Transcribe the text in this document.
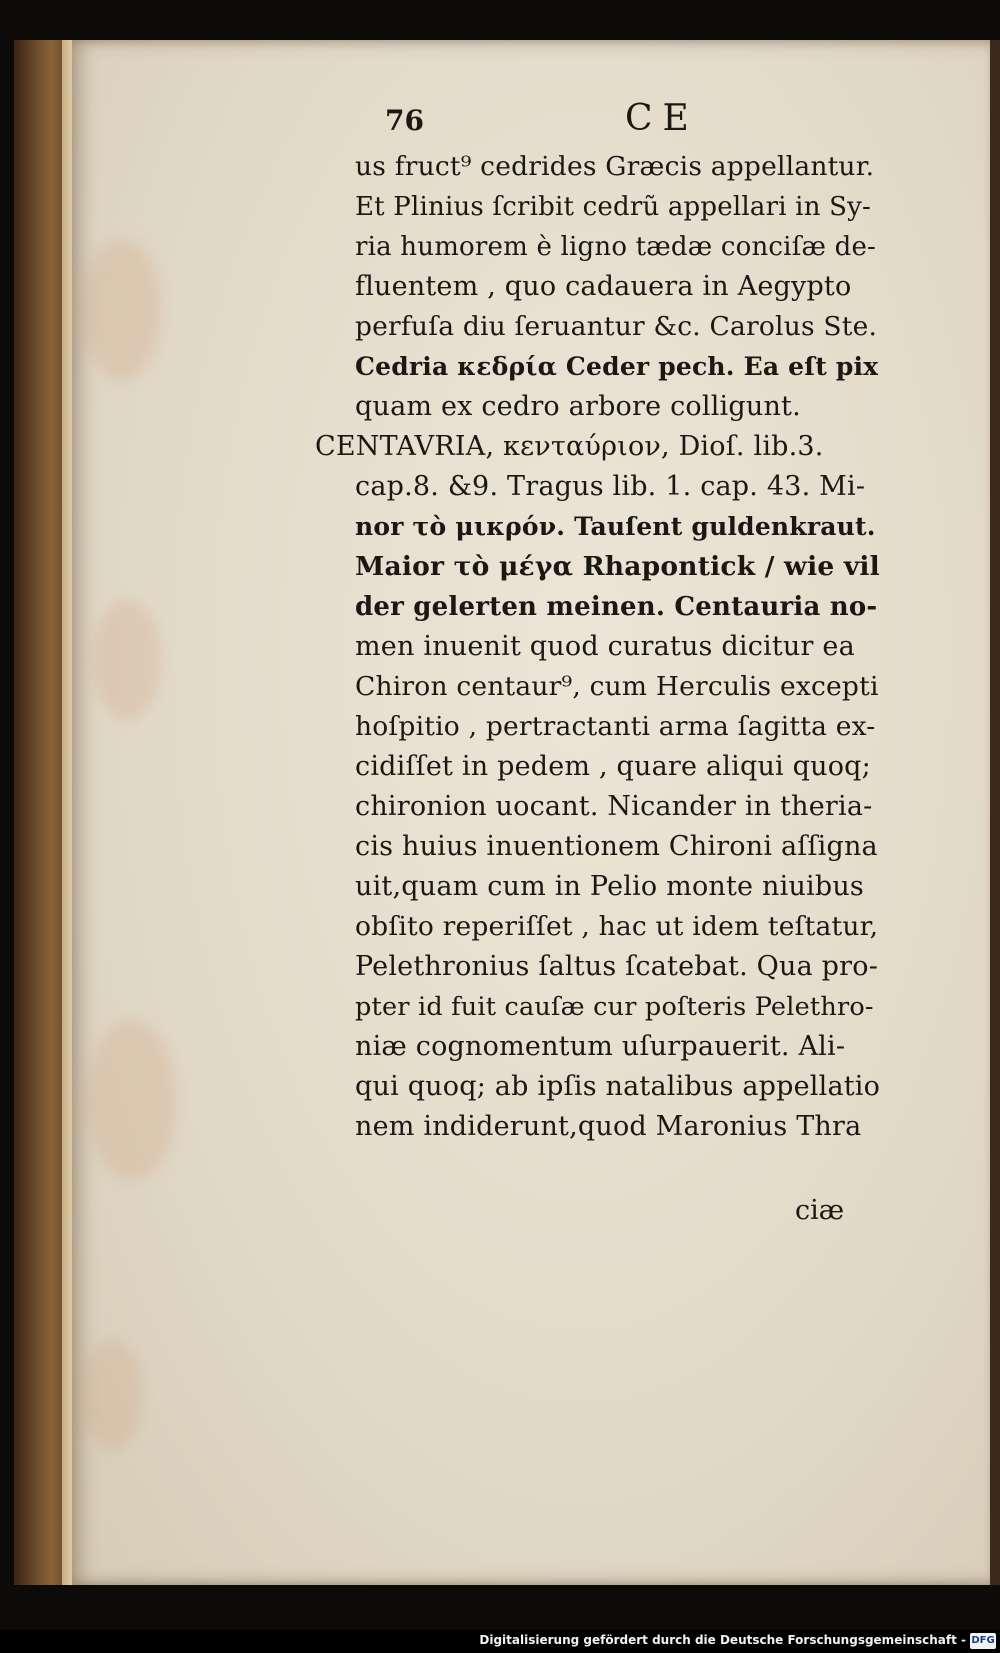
76	CE
us fruct⁹ cedrides Græcis appellantur.
Et Plinius ſcribit cedrũ appellari in Sy-
ria humorem è ligno tædæ conciſæ de-
fluentem , quo cadauera in Aegypto
perfuſa diu ſeruantur &c. Carolus Ste.
Cedria κεδρία Ceder pech. Ea eſt pix
quam ex cedro arbore colligunt.
CENTAVRIA, κενταύριον, Dioſ. lib.3.
cap.8. &9. Tragus lib. 1. cap. 43. Mi-
nor τὸ μικρόν. Tauſent guldenkraut.
Maior τὸ μέγα Rhapontick / wie vil
der gelerten meinen. Centauria no-
men inuenit quod curatus dicitur ea
Chiron centaur⁹, cum Herculis excepti
hoſpitio , pertractanti arma ſagitta ex-
cidiſſet in pedem , quare aliqui quoq;
chironion uocant. Nicander in theria-
cis huius inuentionem Chironi aſſigna
uit,quam cum in Pelio monte niuibus
obſito reperiſſet , hac ut idem teſtatur,
Pelethronius ſaltus ſcatebat. Qua pro-
pter id fuit cauſæ cur poſteris Pelethro-
niæ cognomentum uſurpauerit. Ali-
qui quoq; ab ipſis natalibus appellatio
nem indiderunt,quod Maronius Thra
ciæ
Digitalisierung gefördert durch die Deutsche Forschungsgemeinschaft - DFG
